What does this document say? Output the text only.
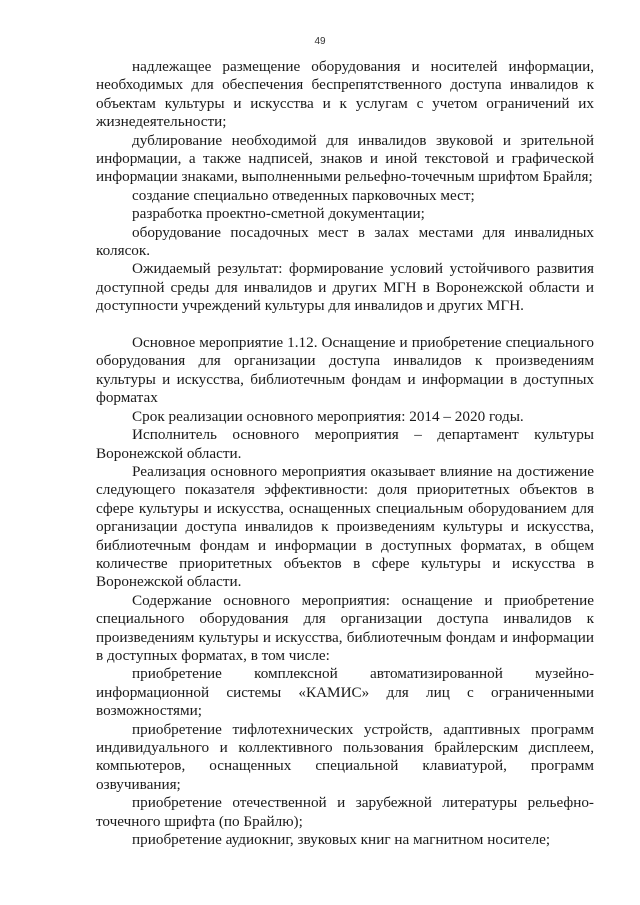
49

надлежащее размещение оборудования и носителей информации, необходимых для обеспечения беспрепятственного доступа инвалидов к объектам культуры и искусства и к услугам с учетом ограничений их жизнедеятельности;

дублирование необходимой для инвалидов звуковой и зрительной информации, а также надписей, знаков и иной текстовой и графической информации знаками, выполненными рельефно-точечным шрифтом Брайля;

создание специально отведенных парковочных мест;

разработка проектно-сметной документации;

оборудование посадочных мест в залах местами для инвалидных колясок.

Ожидаемый результат: формирование условий устойчивого развития доступной среды для инвалидов и других МГН в Воронежской области и доступности учреждений культуры для инвалидов и других МГН.

Основное мероприятие 1.12. Оснащение и приобретение специального оборудования для организации доступа инвалидов к произведениям культуры и искусства, библиотечным фондам и информации в доступных форматах

Срок реализации основного мероприятия: 2014 – 2020 годы.

Исполнитель основного мероприятия – департамент культуры Воронежской области.

Реализация основного мероприятия оказывает влияние на достижение следующего показателя эффективности: доля приоритетных объектов в сфере культуры и искусства, оснащенных специальным оборудованием для организации доступа инвалидов к произведениям культуры и искусства, библиотечным фондам и информации в доступных форматах, в общем количестве приоритетных объектов в сфере культуры и искусства в Воронежской области.

Содержание основного мероприятия: оснащение и приобретение специального оборудования для организации доступа инвалидов к произведениям культуры и искусства, библиотечным фондам и информации в доступных форматах, в том числе:

приобретение комплексной автоматизированной музейно-информационной системы «КАМИС» для лиц с ограниченными возможностями;

приобретение тифлотехнических устройств, адаптивных программ индивидуального и коллективного пользования брайлерским дисплеем, компьютеров, оснащенных специальной клавиатурой, программ озвучивания;

приобретение отечественной и зарубежной литературы рельефно-точечного шрифта (по Брайлю);

приобретение аудиокниг, звуковых книг на магнитном носителе;
